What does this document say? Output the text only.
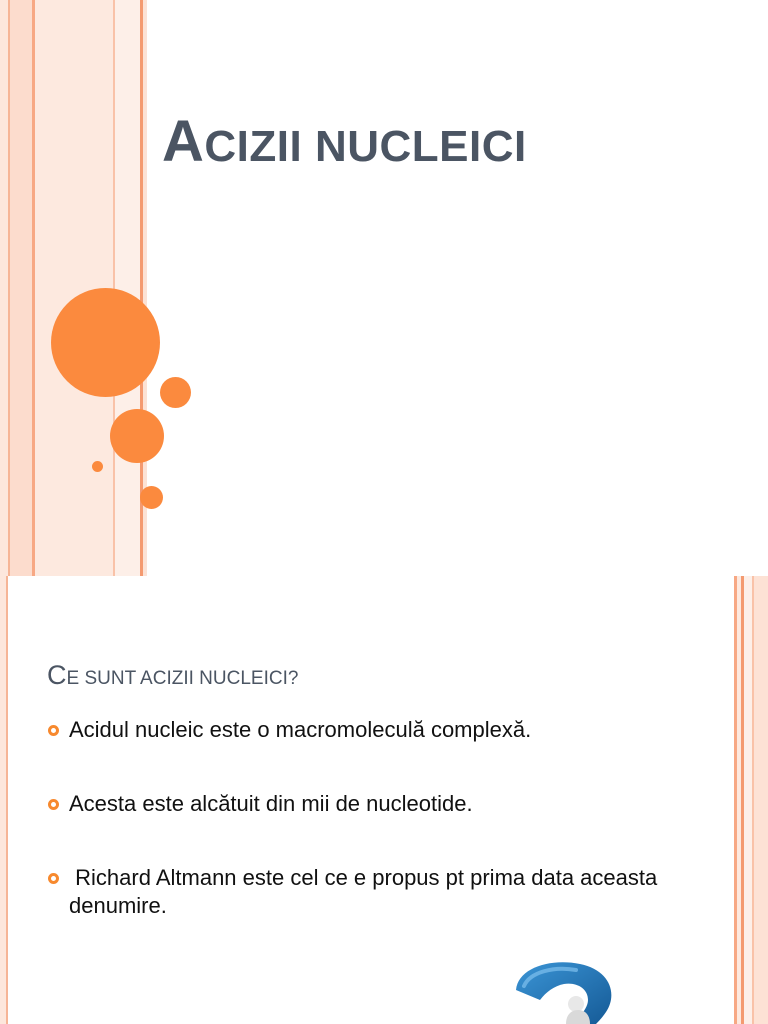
ACIZII NUCLEICI
CE SUNT ACIZII NUCLEICI?
Acidul nucleic este o macromoleculă complexă.
Acesta este alcătuit din mii de nucleotide.
Richard Altmann este cel ce e propus pt prima data aceasta denumire.
